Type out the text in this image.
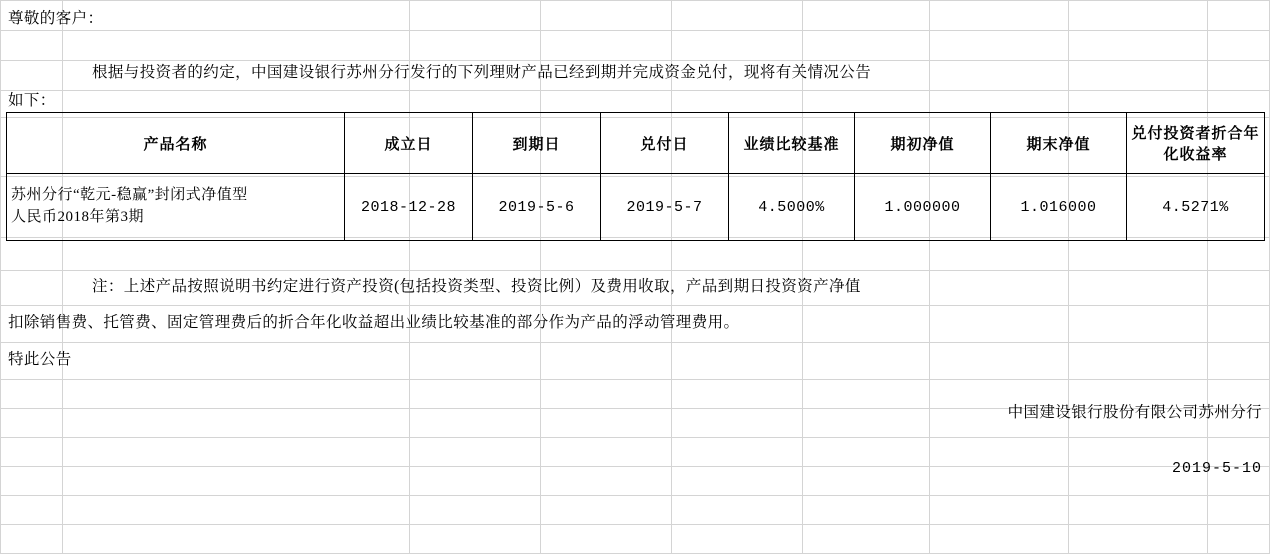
尊敬的客户：
根据与投资者的约定，中国建设银行苏州分行发行的下列理财产品已经到期并完成资金兑付，现将有关情况公告
如下：
产品名称	成立日	到期日	兑付日	业绩比较基准	期初净值	期末净值	兑付投资者折合年化收益率

苏州分行“乾元-稳赢”封闭式净值型
人民币2018年第3期	2018-12-28	2019-5-6	2019-5-7	4.5000%	1.000000	1.016000	4.5271%
注：上述产品按照说明书约定进行资产投资(包括投资类型、投资比例）及费用收取，产品到期日投资资产净值
扣除销售费、托管费、固定管理费后的折合年化收益超出业绩比较基准的部分作为产品的浮动管理费用。
特此公告
中国建设银行股份有限公司苏州分行
2019-5-10
